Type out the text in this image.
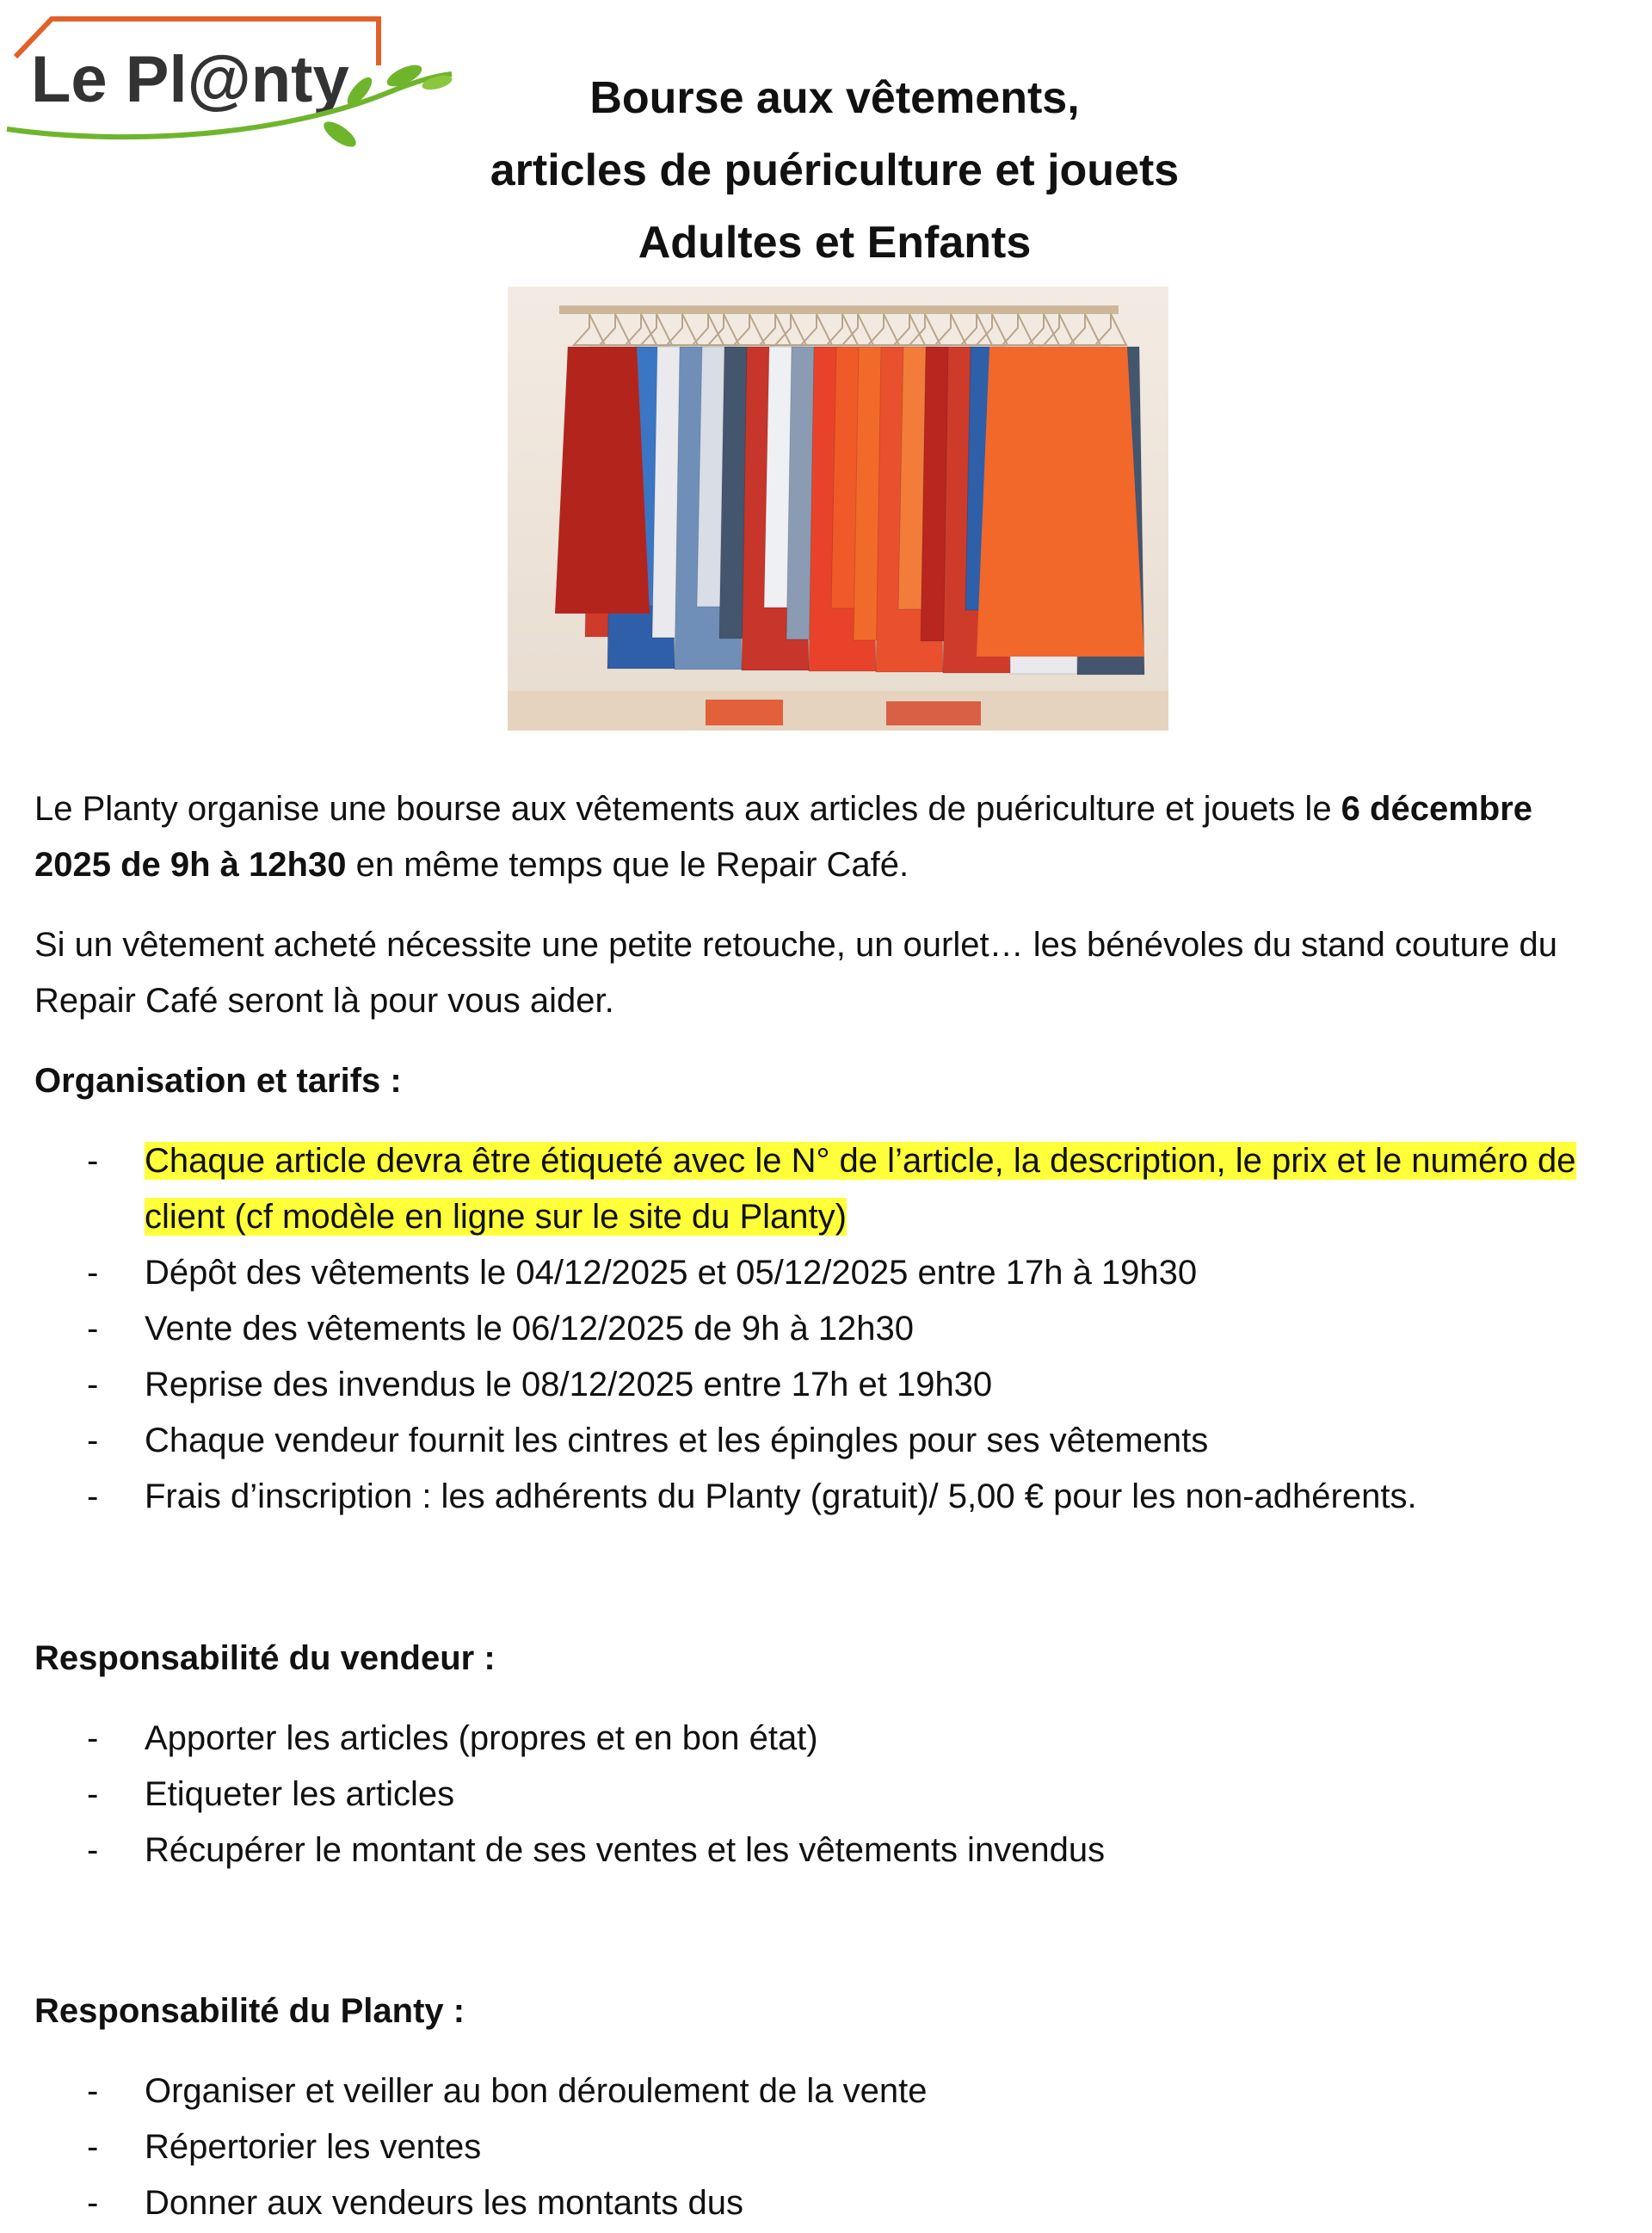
Le Pl@nty	Bourse aux vêtements,
articles de puériculture et jouets
Adultes et Enfants
Le Planty organise une bourse aux vêtements aux articles de puériculture et jouets le 6 décembre 2025 de 9h à 12h30 en même temps que le Repair Café.
Si un vêtement acheté nécessite une petite retouche, un ourlet… les bénévoles du stand couture du Repair Café seront là pour vous aider.
Organisation et tarifs :
- Chaque article devra être étiqueté avec le N° de l’article, la description, le prix et le numéro de client (cf modèle en ligne sur le site du Planty)
- Dépôt des vêtements le 04/12/2025 et 05/12/2025 entre 17h à 19h30
- Vente des vêtements le 06/12/2025 de 9h à 12h30
- Reprise des invendus le 08/12/2025 entre 17h et 19h30
- Chaque vendeur fournit les cintres et les épingles pour ses vêtements
- Frais d’inscription : les adhérents du Planty (gratuit)/ 5,00 € pour les non-adhérents.
Responsabilité du vendeur :
- Apporter les articles (propres et en bon état)
- Etiqueter les articles
- Récupérer le montant de ses ventes et les vêtements invendus
Responsabilité du Planty :
- Organiser et veiller au bon déroulement de la vente
- Répertorier les ventes
- Donner aux vendeurs les montants dus
